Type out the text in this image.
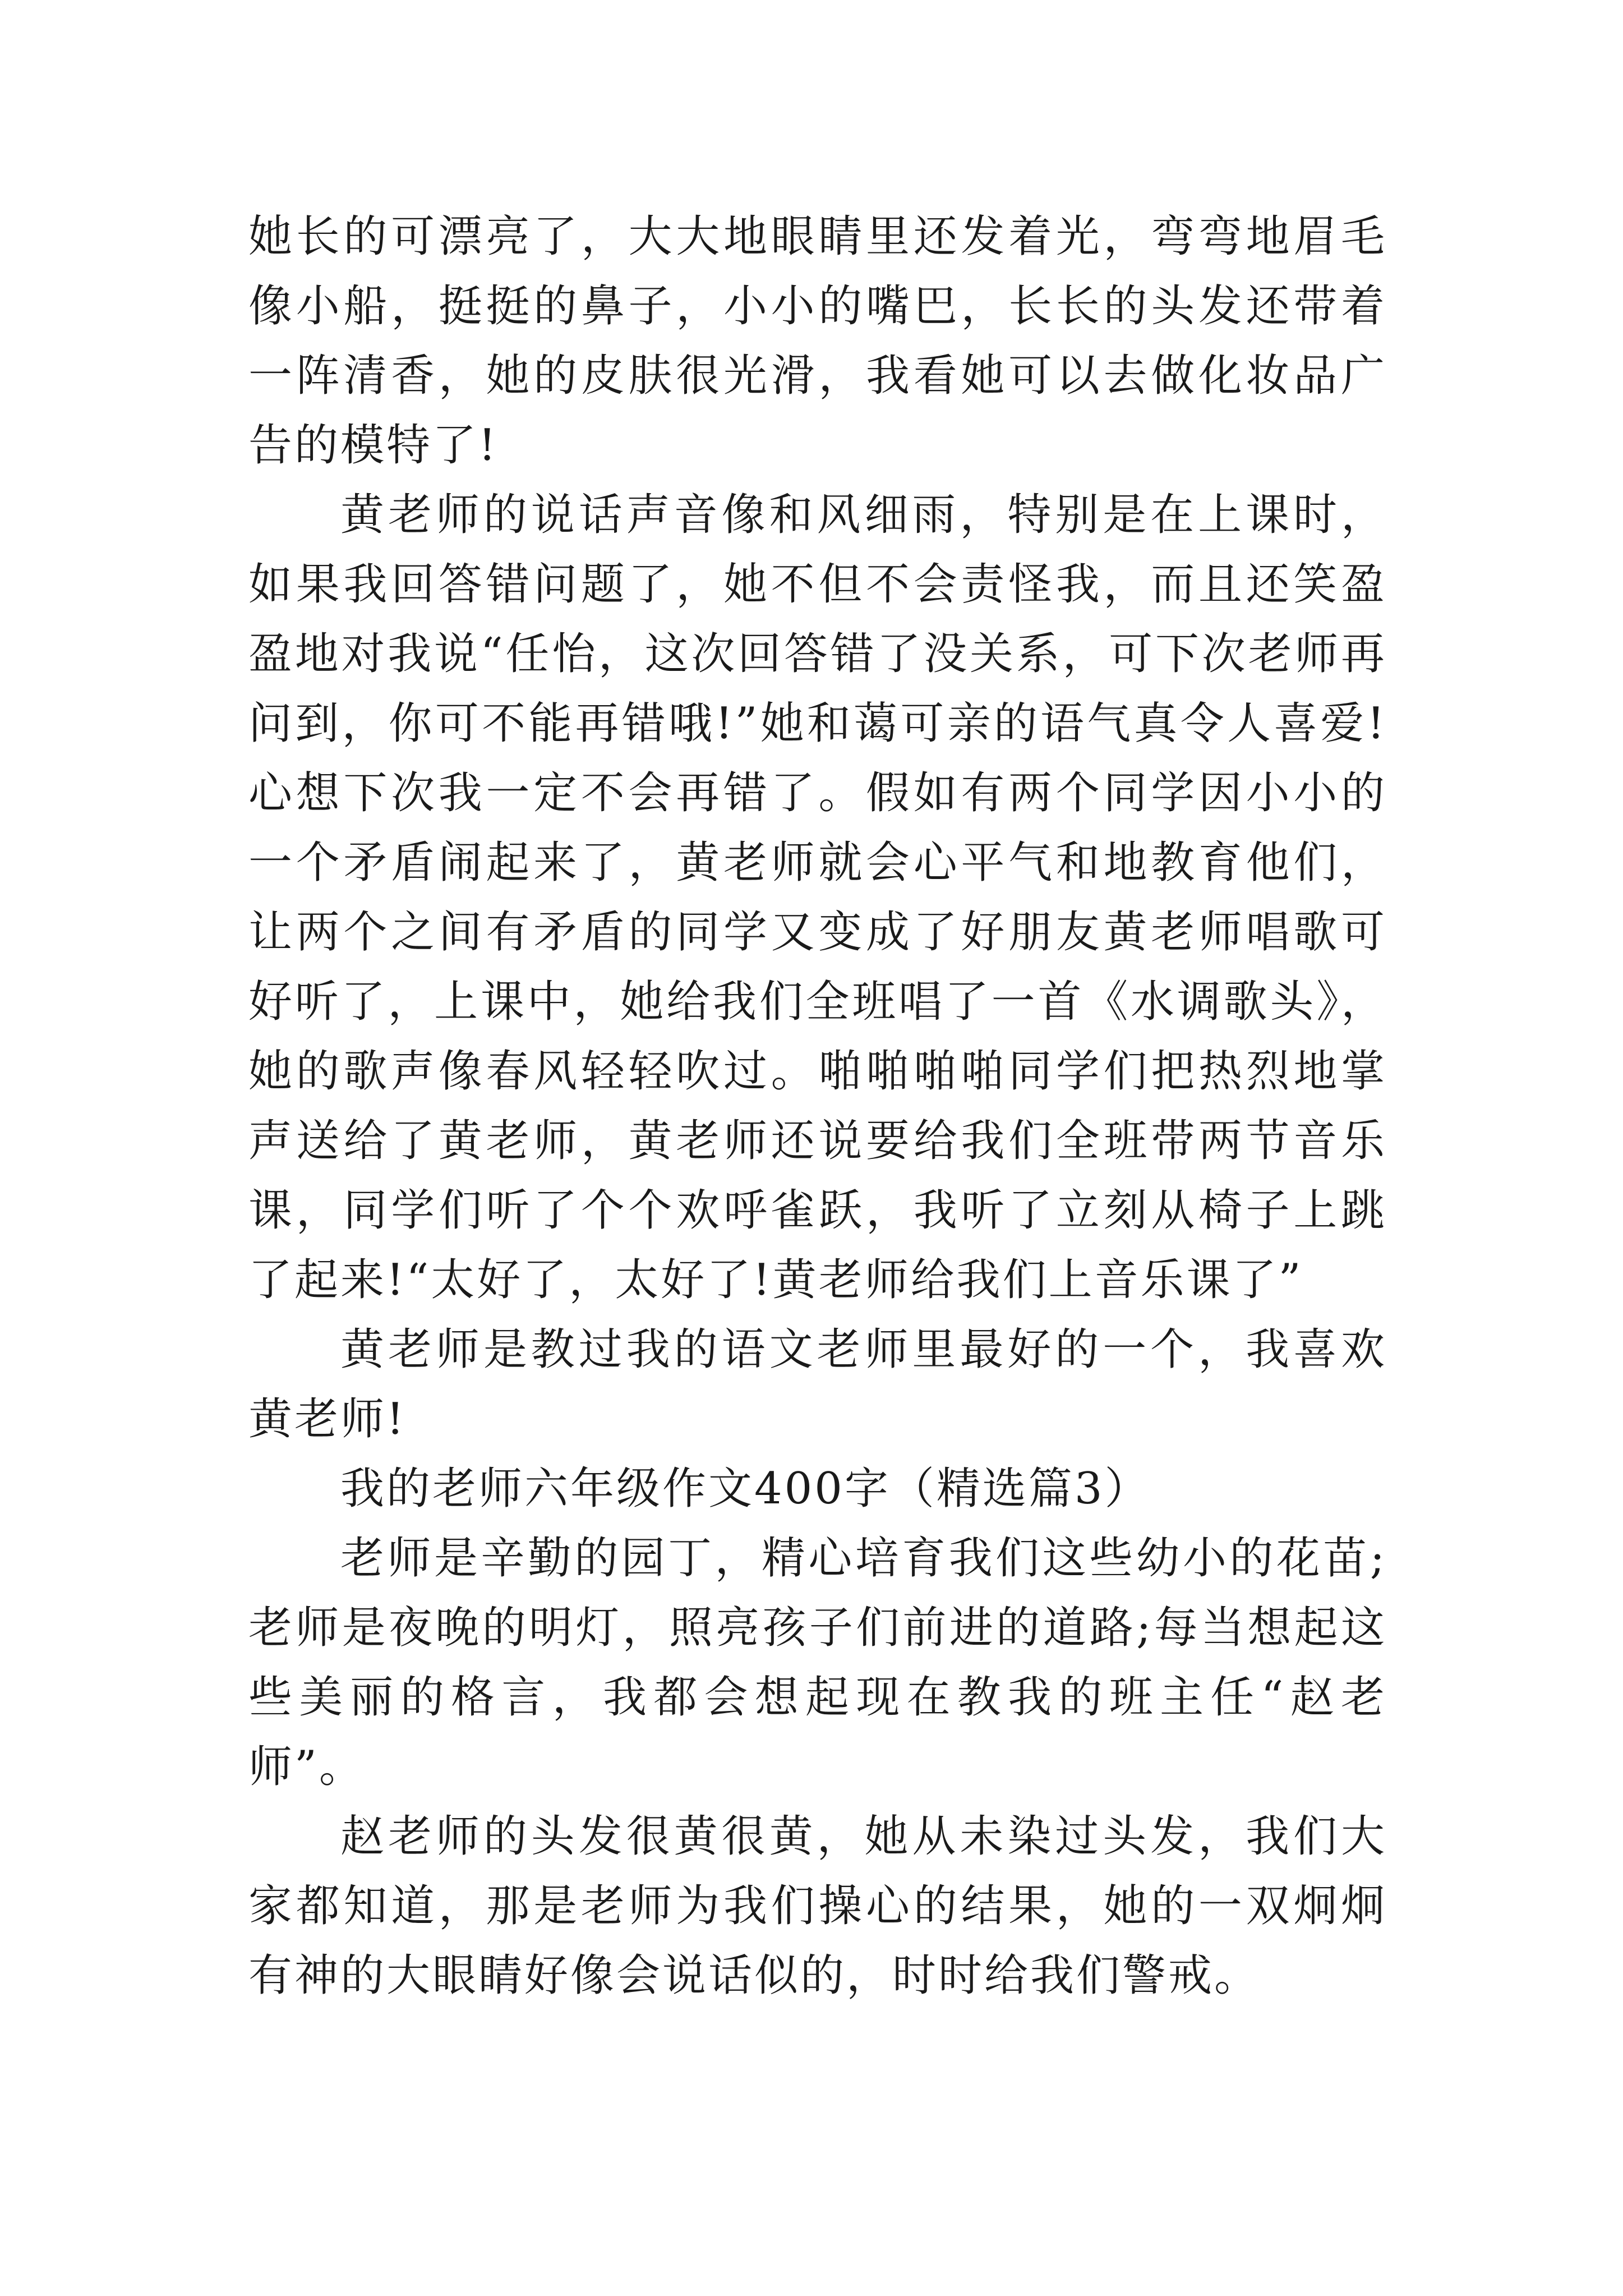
她长的可漂亮了，大大地眼睛里还发着光，弯弯地眉毛像小船，挺挺的鼻子，小小的嘴巴，长长的头发还带着一阵清香，她的皮肤很光滑，我看她可以去做化妆品广告的模特了!

黄老师的说话声音像和风细雨，特别是在上课时，如果我回答错问题了，她不但不会责怪我，而且还笑盈盈地对我说“任怡，这次回答错了没关系，可下次老师再问到，你可不能再错哦!”她和蔼可亲的语气真令人喜爱!心想下次我一定不会再错了。假如有两个同学因小小的一个矛盾闹起来了，黄老师就会心平气和地教育他们，让两个之间有矛盾的同学又变成了好朋友黄老师唱歌可好听了，上课中，她给我们全班唱了一首《水调歌头》，她的歌声像春风轻轻吹过。啪啪啪啪同学们把热烈地掌声送给了黄老师，黄老师还说要给我们全班带两节音乐课，同学们听了个个欢呼雀跃，我听了立刻从椅子上跳了起来!“太好了，太好了!黄老师给我们上音乐课了”

黄老师是教过我的语文老师里最好的一个，我喜欢黄老师!

我的老师六年级作文400字（精选篇3）

老师是辛勤的园丁，精心培育我们这些幼小的花苗;老师是夜晚的明灯，照亮孩子们前进的道路;每当想起这些美丽的格言，我都会想起现在教我的班主任“赵老师”。

赵老师的头发很黄很黄，她从未染过头发，我们大家都知道，那是老师为我们操心的结果，她的一双炯炯有神的大眼睛好像会说话似的，时时给我们警戒。
